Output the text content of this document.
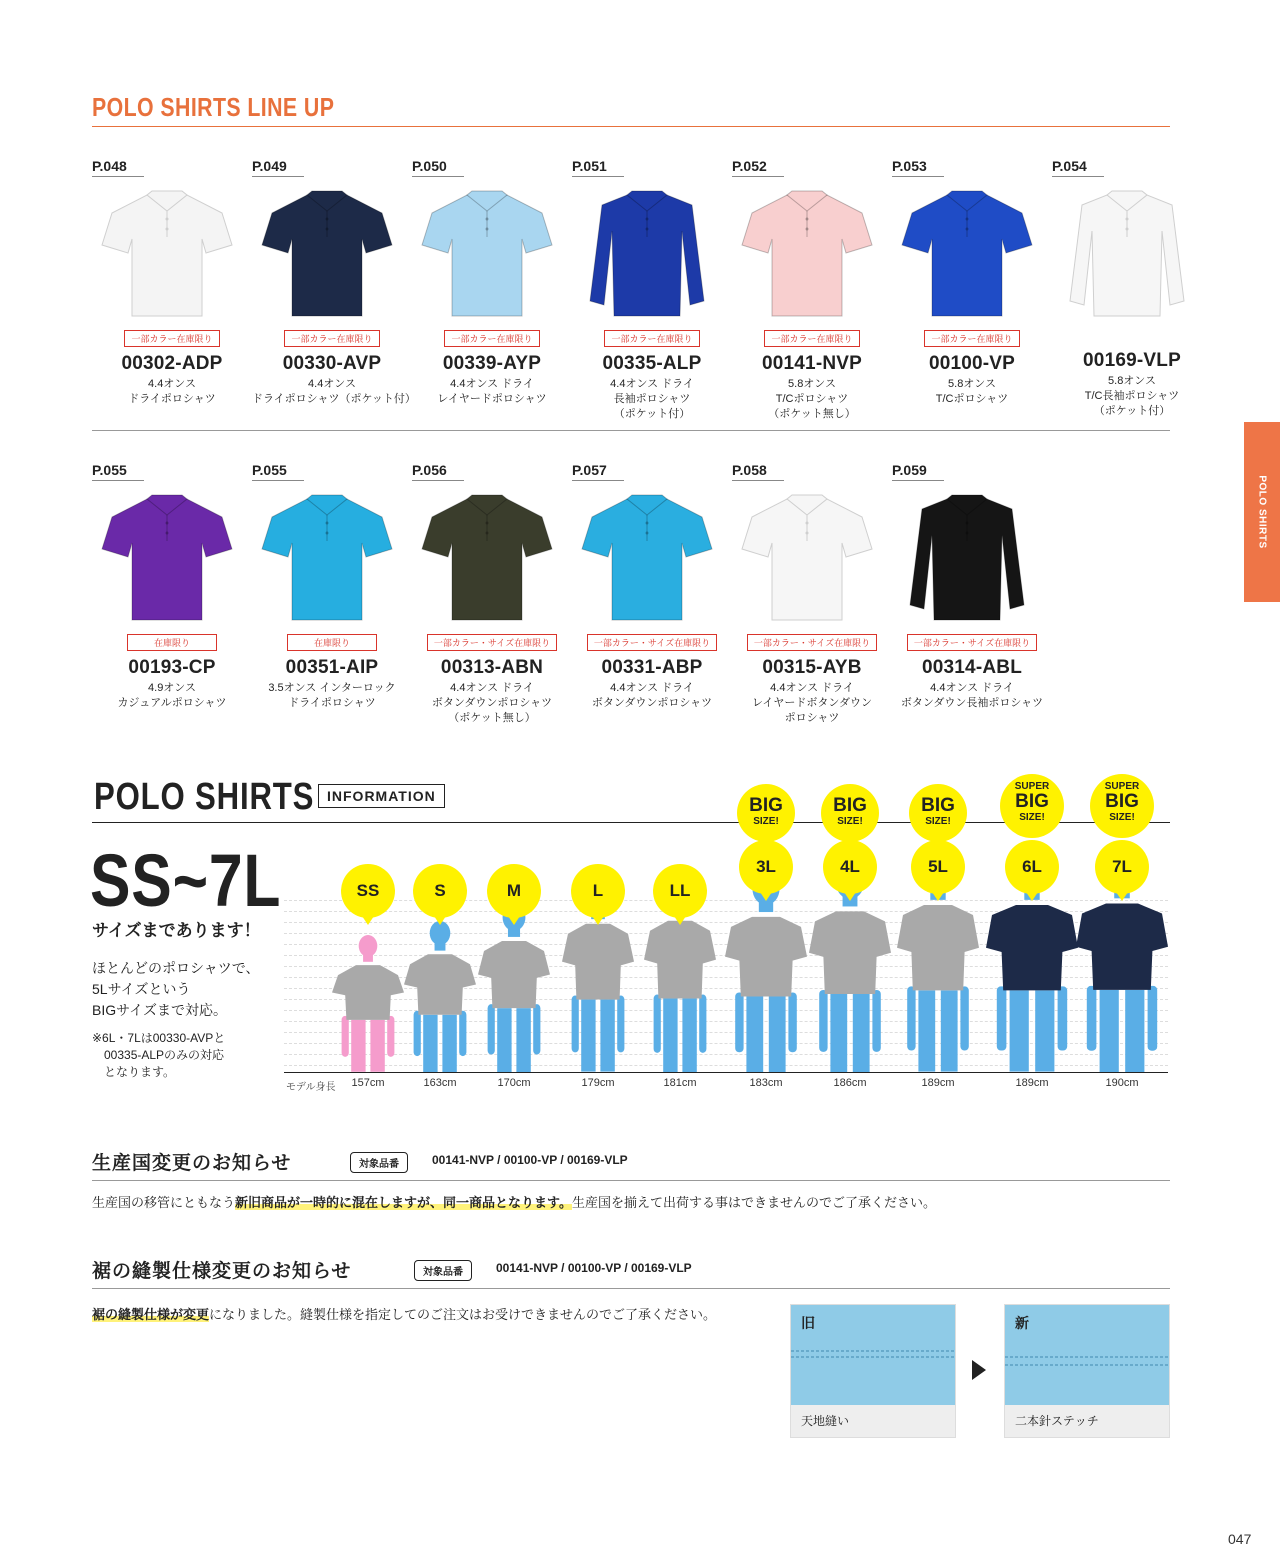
POLO SHIRTS LINE UP
P.048
一部カラー在庫限り
00302-ADP
4.4オンス
ドライポロシャツ
P.049
一部カラー在庫限り
00330-AVP
4.4オンス
ドライポロシャツ（ポケット付）
P.050
一部カラー在庫限り
00339-AYP
4.4オンス ドライ
レイヤードポロシャツ
P.051
一部カラー在庫限り
00335-ALP
4.4オンス ドライ
長袖ポロシャツ
（ポケット付）
P.052
一部カラー在庫限り
00141-NVP
5.8オンス
T/Cポロシャツ
（ポケット無し）
P.053
一部カラー在庫限り
00100-VP
5.8オンス
T/Cポロシャツ
P.054
00169-VLP
5.8オンス
T/C長袖ポロシャツ
（ポケット付）
P.055
在庫限り
00193-CP
4.9オンス
カジュアルポロシャツ
P.055
在庫限り
00351-AIP
3.5オンス インターロック
ドライポロシャツ
P.056
一部カラー・サイズ在庫限り
00313-ABN
4.4オンス ドライ
ボタンダウンポロシャツ
（ポケット無し）
P.057
一部カラー・サイズ在庫限り
00331-ABP
4.4オンス ドライ
ボタンダウンポロシャツ
P.058
一部カラー・サイズ在庫限り
00315-AYB
4.4オンス ドライ
レイヤードボタンダウン
ポロシャツ
P.059
一部カラー・サイズ在庫限り
00314-ABL
4.4オンス ドライ
ボタンダウン長袖ポロシャツ
POLO SHIRTS
POLO SHIRTS INFORMATION
SS~7L
サイズまであります！
ほとんどのポロシャツで、
5Lサイズという
BIGサイズまで対応。
※6L・7Lは00330-AVPと
　00335-ALPのみの対応
　となります。
モデル身長
SS
157cm
S
163cm
M
170cm
L
179cm
LL
181cm
3L
BIG
SIZE!
183cm
4L
BIG
SIZE!
186cm
5L
BIG
SIZE!
189cm
6L
SUPER
BIG
SIZE!
189cm
7L
SUPER
BIG
SIZE!
190cm
生産国変更のお知らせ	対象品番	00141-NVP / 00100-VP / 00169-VLP
生産国の移管にともなう新旧商品が一時的に混在しますが、同一商品となります。生産国を揃えて出荷する事はできませんのでご了承ください。
裾の縫製仕様変更のお知らせ	対象品番	00141-NVP / 00100-VP / 00169-VLP
裾の縫製仕様が変更になりました。縫製仕様を指定してのご注文はお受けできませんのでご了承ください。
旧
天地縫い
新
二本針ステッチ
047
